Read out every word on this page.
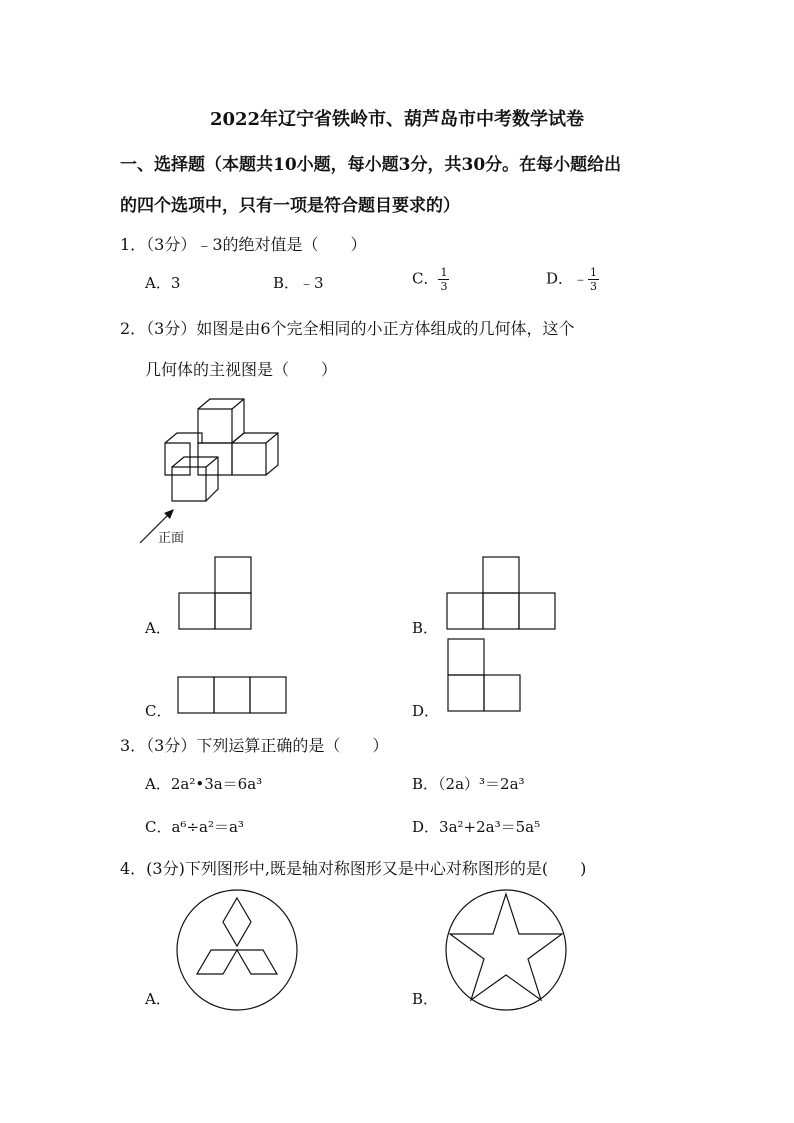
2022年辽宁省铁岭市、葫芦岛市中考数学试卷
一、选择题（本题共10小题，每小题3分，共30分。在每小题给出
的四个选项中，只有一项是符合题目要求的）
1．（3分）﹣3的绝对值是（　　）
A．3	B．﹣3	C． $\frac{1}{3}$	D．﹣ $\frac{1}{3}$
2．（3分）如图是由6个完全相同的小正方体组成的几何体，这个
几何体的主视图是（　　）
正面
A．	B．
C．	D．
3．（3分）下列运算正确的是（　　）
A．2a²•3a＝6a³	B．（2a）³＝2a³
C．a⁶÷a²＝a³	D．3a²+2a³＝5a⁵
4．(3分)下列图形中,既是轴对称图形又是中心对称图形的是(　　)
A．	B．
